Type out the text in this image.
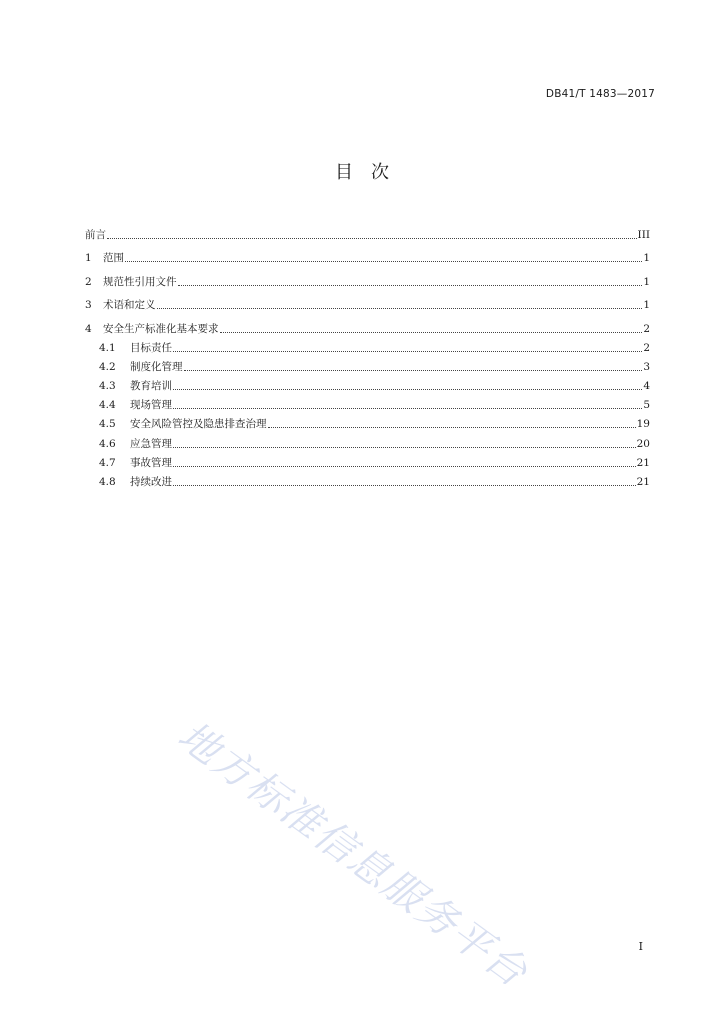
DB41/T 1483—2017
目　次
前言	III
1	范围	1
2	规范性引用文件	1
3	术语和定义	1
4	安全生产标准化基本要求	2
4.1	目标责任	2
4.2	制度化管理	3
4.3	教育培训	4
4.4	现场管理	5
4.5	安全风险管控及隐患排查治理	19
4.6	应急管理	20
4.7	事故管理	21
4.8	持续改进	21
地方标准信息服务平台	I
